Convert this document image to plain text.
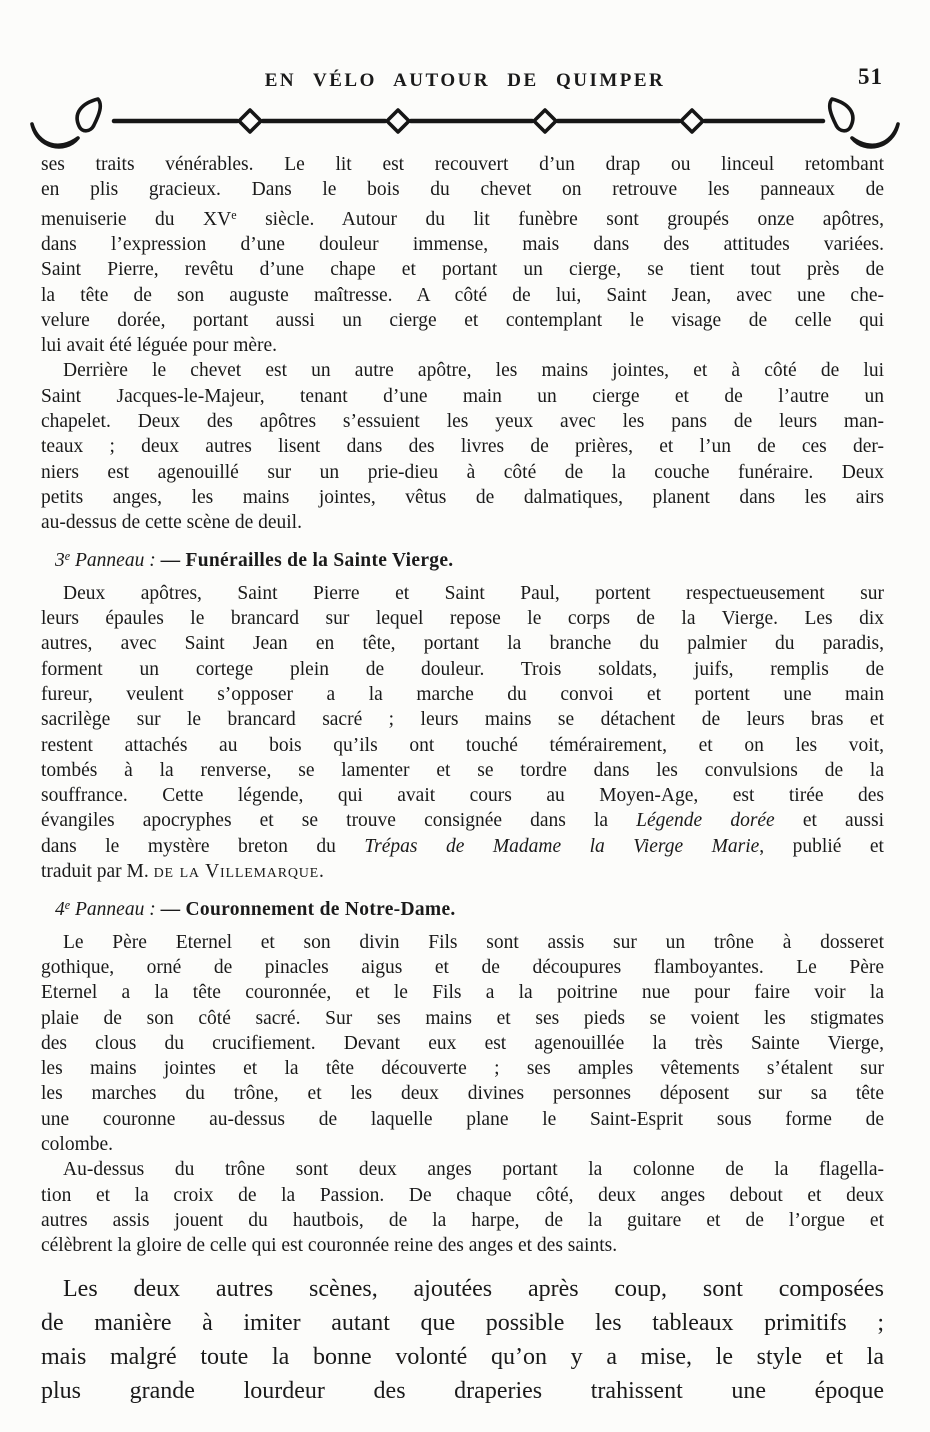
EN VÉLO AUTOUR DE QUIMPER	51
ses traits vénérables. Le lit est recouvert d’un drap ou linceul retombant
en plis gracieux. Dans le bois du chevet on retrouve les panneaux de
menuiserie du XVe siècle. Autour du lit funèbre sont groupés onze apôtres,
dans l’expression d’une douleur immense, mais dans des attitudes variées.
Saint Pierre, revêtu d’une chape et portant un cierge, se tient tout près de
la tête de son auguste maîtresse. A côté de lui, Saint Jean, avec une che-
velure dorée, portant aussi un cierge et contemplant le visage de celle qui
lui avait été léguée pour mère.
Derrière le chevet est un autre apôtre, les mains jointes, et à côté de lui
Saint Jacques-le-Majeur, tenant d’une main un cierge et de l’autre un
chapelet. Deux des apôtres s’essuient les yeux avec les pans de leurs man-
teaux ; deux autres lisent dans des livres de prières, et l’un de ces der-
niers est agenouillé sur un prie-dieu à côté de la couche funéraire. Deux
petits anges, les mains jointes, vêtus de dalmatiques, planent dans les airs
au-dessus de cette scène de deuil.
3e Panneau : — Funérailles de la Sainte Vierge.
Deux apôtres, Saint Pierre et Saint Paul, portent respectueusement sur
leurs épaules le brancard sur lequel repose le corps de la Vierge. Les dix
autres, avec Saint Jean en tête, portant la branche du palmier du paradis,
forment un cortege plein de douleur. Trois soldats, juifs, remplis de
fureur, veulent s’opposer a la marche du convoi et portent une main
sacrilège sur le brancard sacré ; leurs mains se détachent de leurs bras et
restent attachés au bois qu’ils ont touché témérairement, et on les voit,
tombés à la renverse, se lamenter et se tordre dans les convulsions de la
souffrance. Cette légende, qui avait cours au Moyen-Age, est tirée des
évangiles apocryphes et se trouve consignée dans la Légende dorée et aussi
dans le mystère breton du Trépas de Madame la Vierge Marie, publié et
traduit par M. de la Villemarque.
4e Panneau : — Couronnement de Notre-Dame.
Le Père Eternel et son divin Fils sont assis sur un trône à dosseret
gothique, orné de pinacles aigus et de découpures flamboyantes. Le Père
Eternel a la tête couronnée, et le Fils a la poitrine nue pour faire voir la
plaie de son côté sacré. Sur ses mains et ses pieds se voient les stigmates
des clous du crucifiement. Devant eux est agenouillée la très Sainte Vierge,
les mains jointes et la tête découverte ; ses amples vêtements s’étalent sur
les marches du trône, et les deux divines personnes déposent sur sa tête
une couronne au-dessus de laquelle plane le Saint-Esprit sous forme de
colombe.
Au-dessus du trône sont deux anges portant la colonne de la flagella-
tion et la croix de la Passion. De chaque côté, deux anges debout et deux
autres assis jouent du hautbois, de la harpe, de la guitare et de l’orgue et
célèbrent la gloire de celle qui est couronnée reine des anges et des saints.
Les deux autres scènes, ajoutées après coup, sont composées
de manière à imiter autant que possible les tableaux primitifs ;
mais malgré toute la bonne volonté qu’on y a mise, le style et la
plus grande lourdeur des draperies trahissent une époque
